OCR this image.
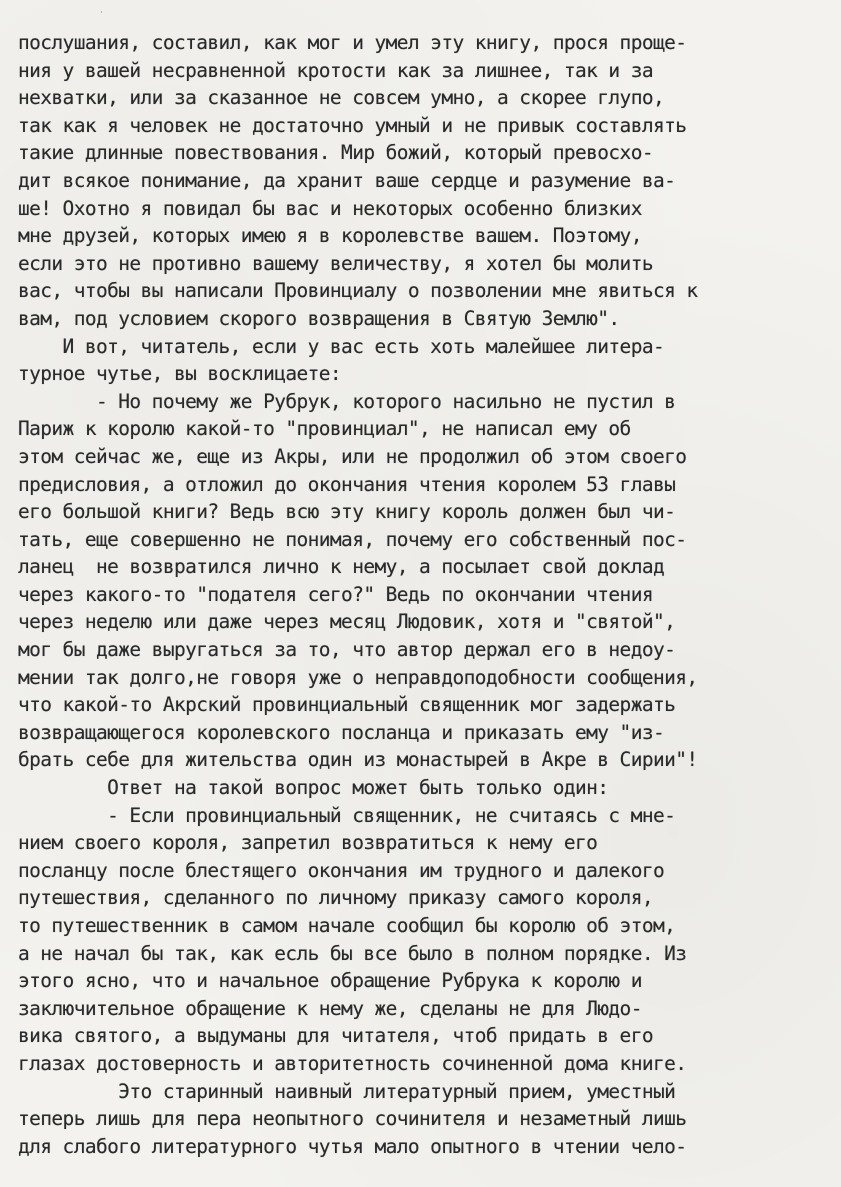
·
послушания, составил, как мог и умел эту книгу, прося проще-
ния у вашей несравненной кротости как за лишнее, так и за
нехватки, или за сказанное не совсем умно, а скорее глупо,
так как я человек не достаточно умный и не привык составлять
такие длинные повествования. Мир божий, который превосхо-
дит всякое понимание, да хранит ваше сердце и разумение ва-
ше! Охотно я повидал бы вас и некоторых особенно близких
мне друзей, которых имею я в королевстве вашем. Поэтому,
если это не противно вашему величеству, я хотел бы молить
вас, чтобы вы написали Провинциалу о позволении мне явиться к
вам, под условием скорого возвращения в Святую Землю".
И вот, читатель, если у вас есть хоть малейшее литера-
турное чутье, вы восклицаете:
- Но почему же Рубрук, которого насильно не пустил в
Париж к королю какой-то "провинциал", не написал ему об
этом сейчас же, еще из Акры, или не продолжил об этом своего
предисловия, а отложил до окончания чтения королем 53 главы
его большой книги? Ведь всю эту книгу король должен был чи-
тать, еще совершенно не понимая, почему его собственный пос-
ланец  не возвратился лично к нему, а посылает свой доклад
через какого-то "подателя сего?" Ведь по окончании чтения
через неделю или даже через месяц Людовик, хотя и "святой",
мог бы даже выругаться за то, что автор держал его в недоу-
мении так долго,не говоря уже о неправдоподобности сообщения,
что какой-то Акрский провинциальный священник мог задержать
возвращающегося королевского посланца и приказать ему "из-
брать себе для жительства один из монастырей в Акре в Сирии"!
Ответ на такой вопрос может быть только один:
- Если провинциальный священник, не считаясь с мне-
нием своего короля, запретил возвратиться к нему его
посланцу после блестящего окончания им трудного и далекого
путешествия, сделанного по личному приказу самого короля,
то путешественник в самом начале сообщил бы королю об этом,
а не начал бы так, как есль бы все было в полном порядке. Из
этого ясно, что и начальное обращение Рубрука к королю и
заключительное обращение к нему же, сделаны не для Людо-
вика святого, а выдуманы для читателя, чтоб придать в его
глазах достоверность и авторитетность сочиненной дома книге.
Это старинный наивный литературный прием, уместный
теперь лишь для пера неопытного сочинителя и незаметный лишь
для слабого литературного чутья мало опытного в чтении чело-
